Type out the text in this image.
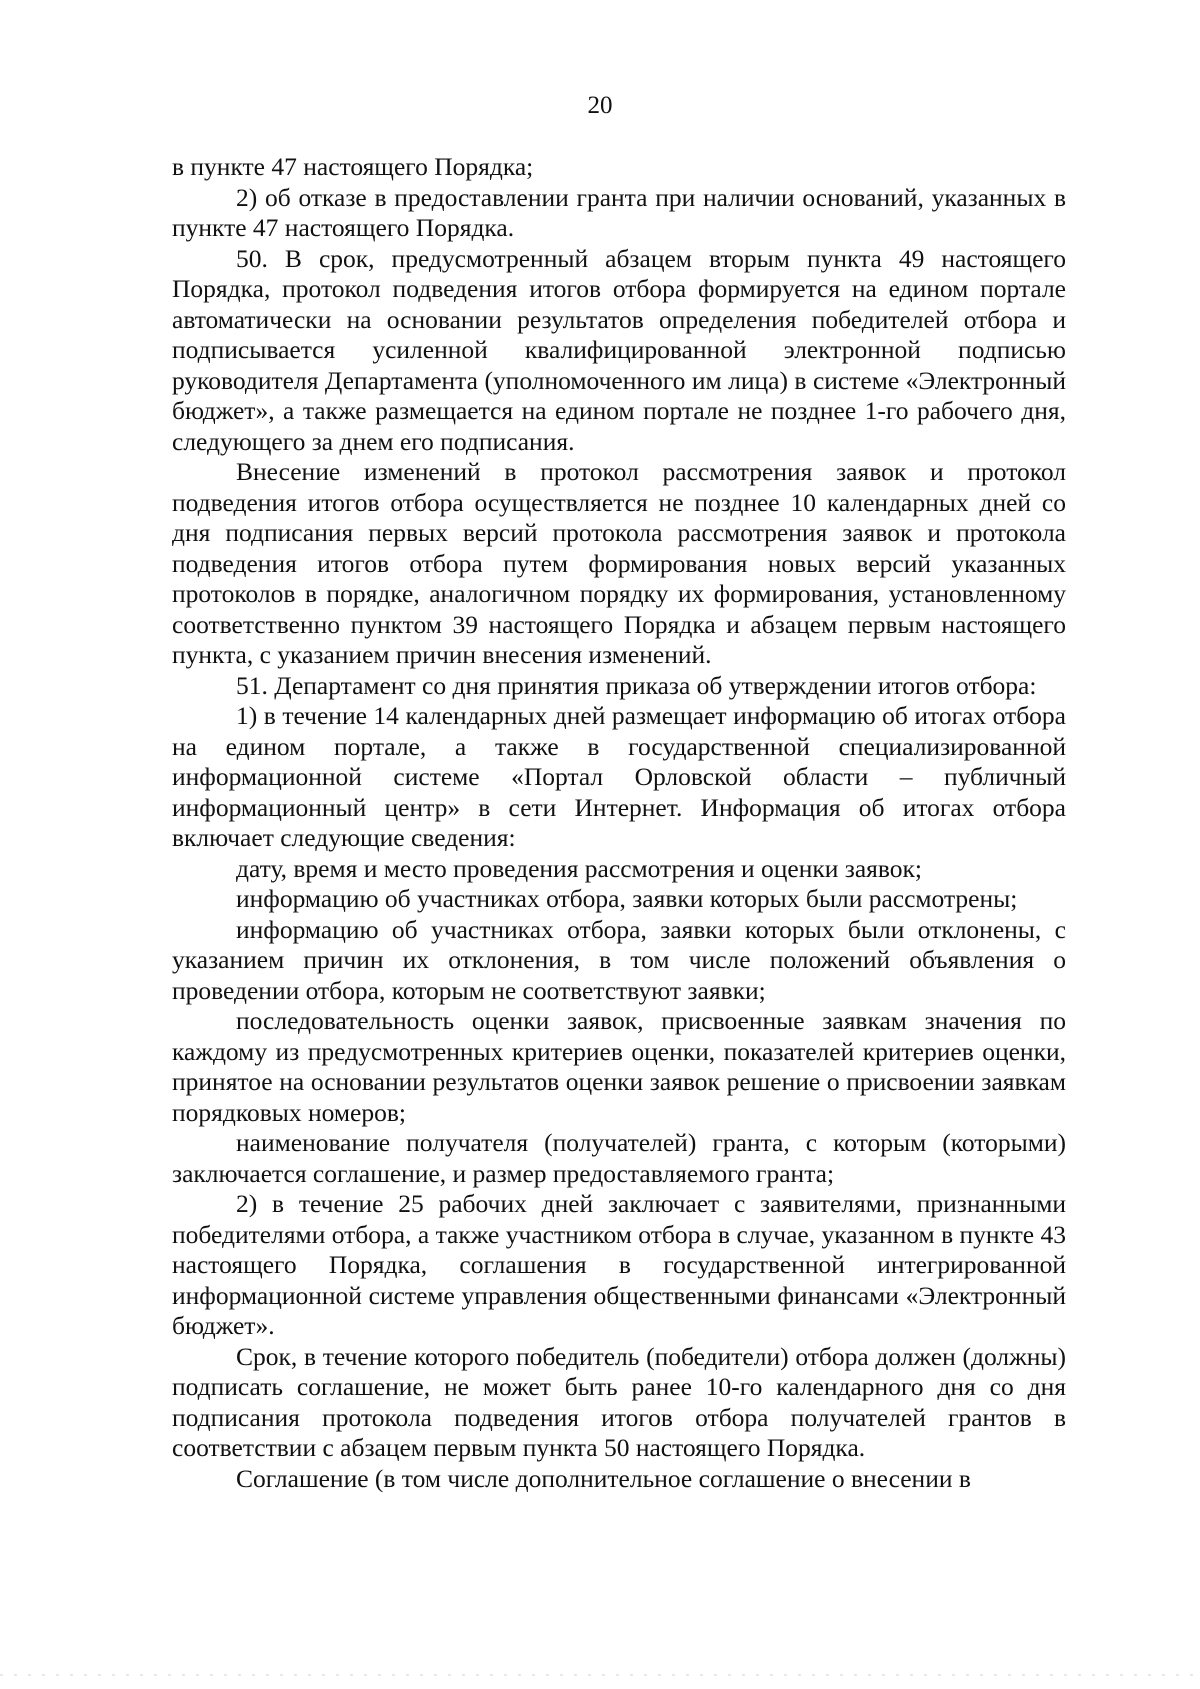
20

в пункте 47 настоящего Порядка;

2) об отказе в предоставлении гранта при наличии оснований, указанных в пункте 47 настоящего Порядка.

50. В срок, предусмотренный абзацем вторым пункта 49 настоящего Порядка, протокол подведения итогов отбора формируется на едином портале автоматически на основании результатов определения победителей отбора и подписывается усиленной квалифицированной электронной подписью руководителя Департамента (уполномоченного им лица) в системе «Электронный бюджет», а также размещается на едином портале не позднее 1-го рабочего дня, следующего за днем его подписания.

Внесение изменений в протокол рассмотрения заявок и протокол подведения итогов отбора осуществляется не позднее 10 календарных дней со дня подписания первых версий протокола рассмотрения заявок и протокола подведения итогов отбора путем формирования новых версий указанных протоколов в порядке, аналогичном порядку их формирования, установленному соответственно пунктом 39 настоящего Порядка и абзацем первым настоящего пункта, с указанием причин внесения изменений.

51. Департамент со дня принятия приказа об утверждении итогов отбора:

1) в течение 14 календарных дней размещает информацию об итогах отбора на едином портале, а также в государственной специализированной информационной системе «Портал Орловской области – публичный информационный центр» в сети Интернет. Информация об итогах отбора включает следующие сведения:

дату, время и место проведения рассмотрения и оценки заявок;

информацию об участниках отбора, заявки которых были рассмотрены;

информацию об участниках отбора, заявки которых были отклонены, с указанием причин их отклонения, в том числе положений объявления о проведении отбора, которым не соответствуют заявки;

последовательность оценки заявок, присвоенные заявкам значения по каждому из предусмотренных критериев оценки, показателей критериев оценки, принятое на основании результатов оценки заявок решение о присвоении заявкам порядковых номеров;

наименование получателя (получателей) гранта, с которым (которыми) заключается соглашение, и размер предоставляемого гранта;

2) в течение 25 рабочих дней заключает с заявителями, признанными победителями отбора, а также участником отбора в случае, указанном в пункте 43 настоящего Порядка, соглашения в государственной интегрированной информационной системе управления общественными финансами «Электронный бюджет».

Срок, в течение которого победитель (победители) отбора должен (должны) подписать соглашение, не может быть ранее 10-го календарного дня со дня подписания протокола подведения итогов отбора получателей грантов в соответствии с абзацем первым пункта 50 настоящего Порядка.

Соглашение (в том числе дополнительное соглашение о внесении в
